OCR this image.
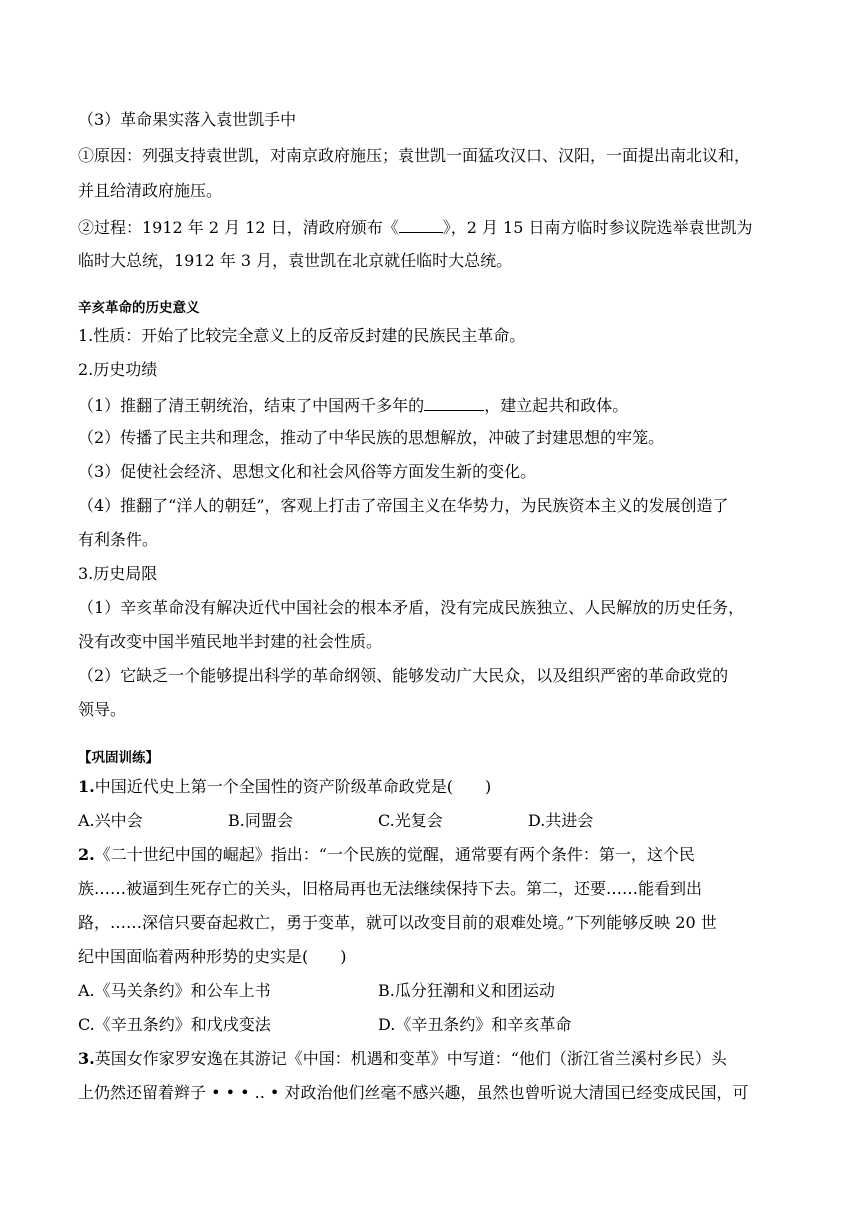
（3）革命果实落入袁世凯手中
①原因：列强支持袁世凯，对南京政府施压；袁世凯一面猛攻汉口、汉阳，一面提出南北议和，
并且给清政府施压。
②过程：1912 年 2 月 12 日，清政府颁布《	》，2 月 15 日南方临时参议院选举袁世凯为
临时大总统，1912 年 3 月，袁世凯在北京就任临时大总统。
辛亥革命的历史意义
1.性质：开始了比较完全意义上的反帝反封建的民族民主革命。
2.历史功绩
（1）推翻了清王朝统治，结束了中国两千多年的	，建立起共和政体。
（2）传播了民主共和理念，推动了中华民族的思想解放，冲破了封建思想的牢笼。
（3）促使社会经济、思想文化和社会风俗等方面发生新的变化。
（4）推翻了“洋人的朝廷”，客观上打击了帝国主义在华势力，为民族资本主义的发展创造了
有利条件。
3.历史局限
（1）辛亥革命没有解决近代中国社会的根本矛盾，没有完成民族独立、人民解放的历史任务，
没有改变中国半殖民地半封建的社会性质。
（2）它缺乏一个能够提出科学的革命纲领、能够发动广大民众，以及组织严密的革命政党的
领导。
【巩固训练】
1.中国近代史上第一个全国性的资产阶级革命政党是(　　)
A.兴中会	B.同盟会	C.光复会	D.共进会
2.《二十世纪中国的崛起》指出：“一个民族的觉醒，通常要有两个条件：第一，这个民
族……被逼到生死存亡的关头，旧格局再也无法继续保持下去。第二，还要……能看到出
路，……深信只要奋起救亡，勇于变革，就可以改变目前的艰难处境。”下列能够反映 20 世
纪中国面临着两种形势的史实是(　　)
A.《马关条约》和公车上书	B.瓜分狂潮和义和团运动
C.《辛丑条约》和戊戌变法	D.《辛丑条约》和辛亥革命
3.英国女作家罗安逸在其游记《中国：机遇和变革》中写道：“他们（浙江省兰溪村乡民）头
上仍然还留着辫子 • • • .. • 对政治他们丝毫不感兴趣，虽然也曾听说大清国已经变成民国，可
